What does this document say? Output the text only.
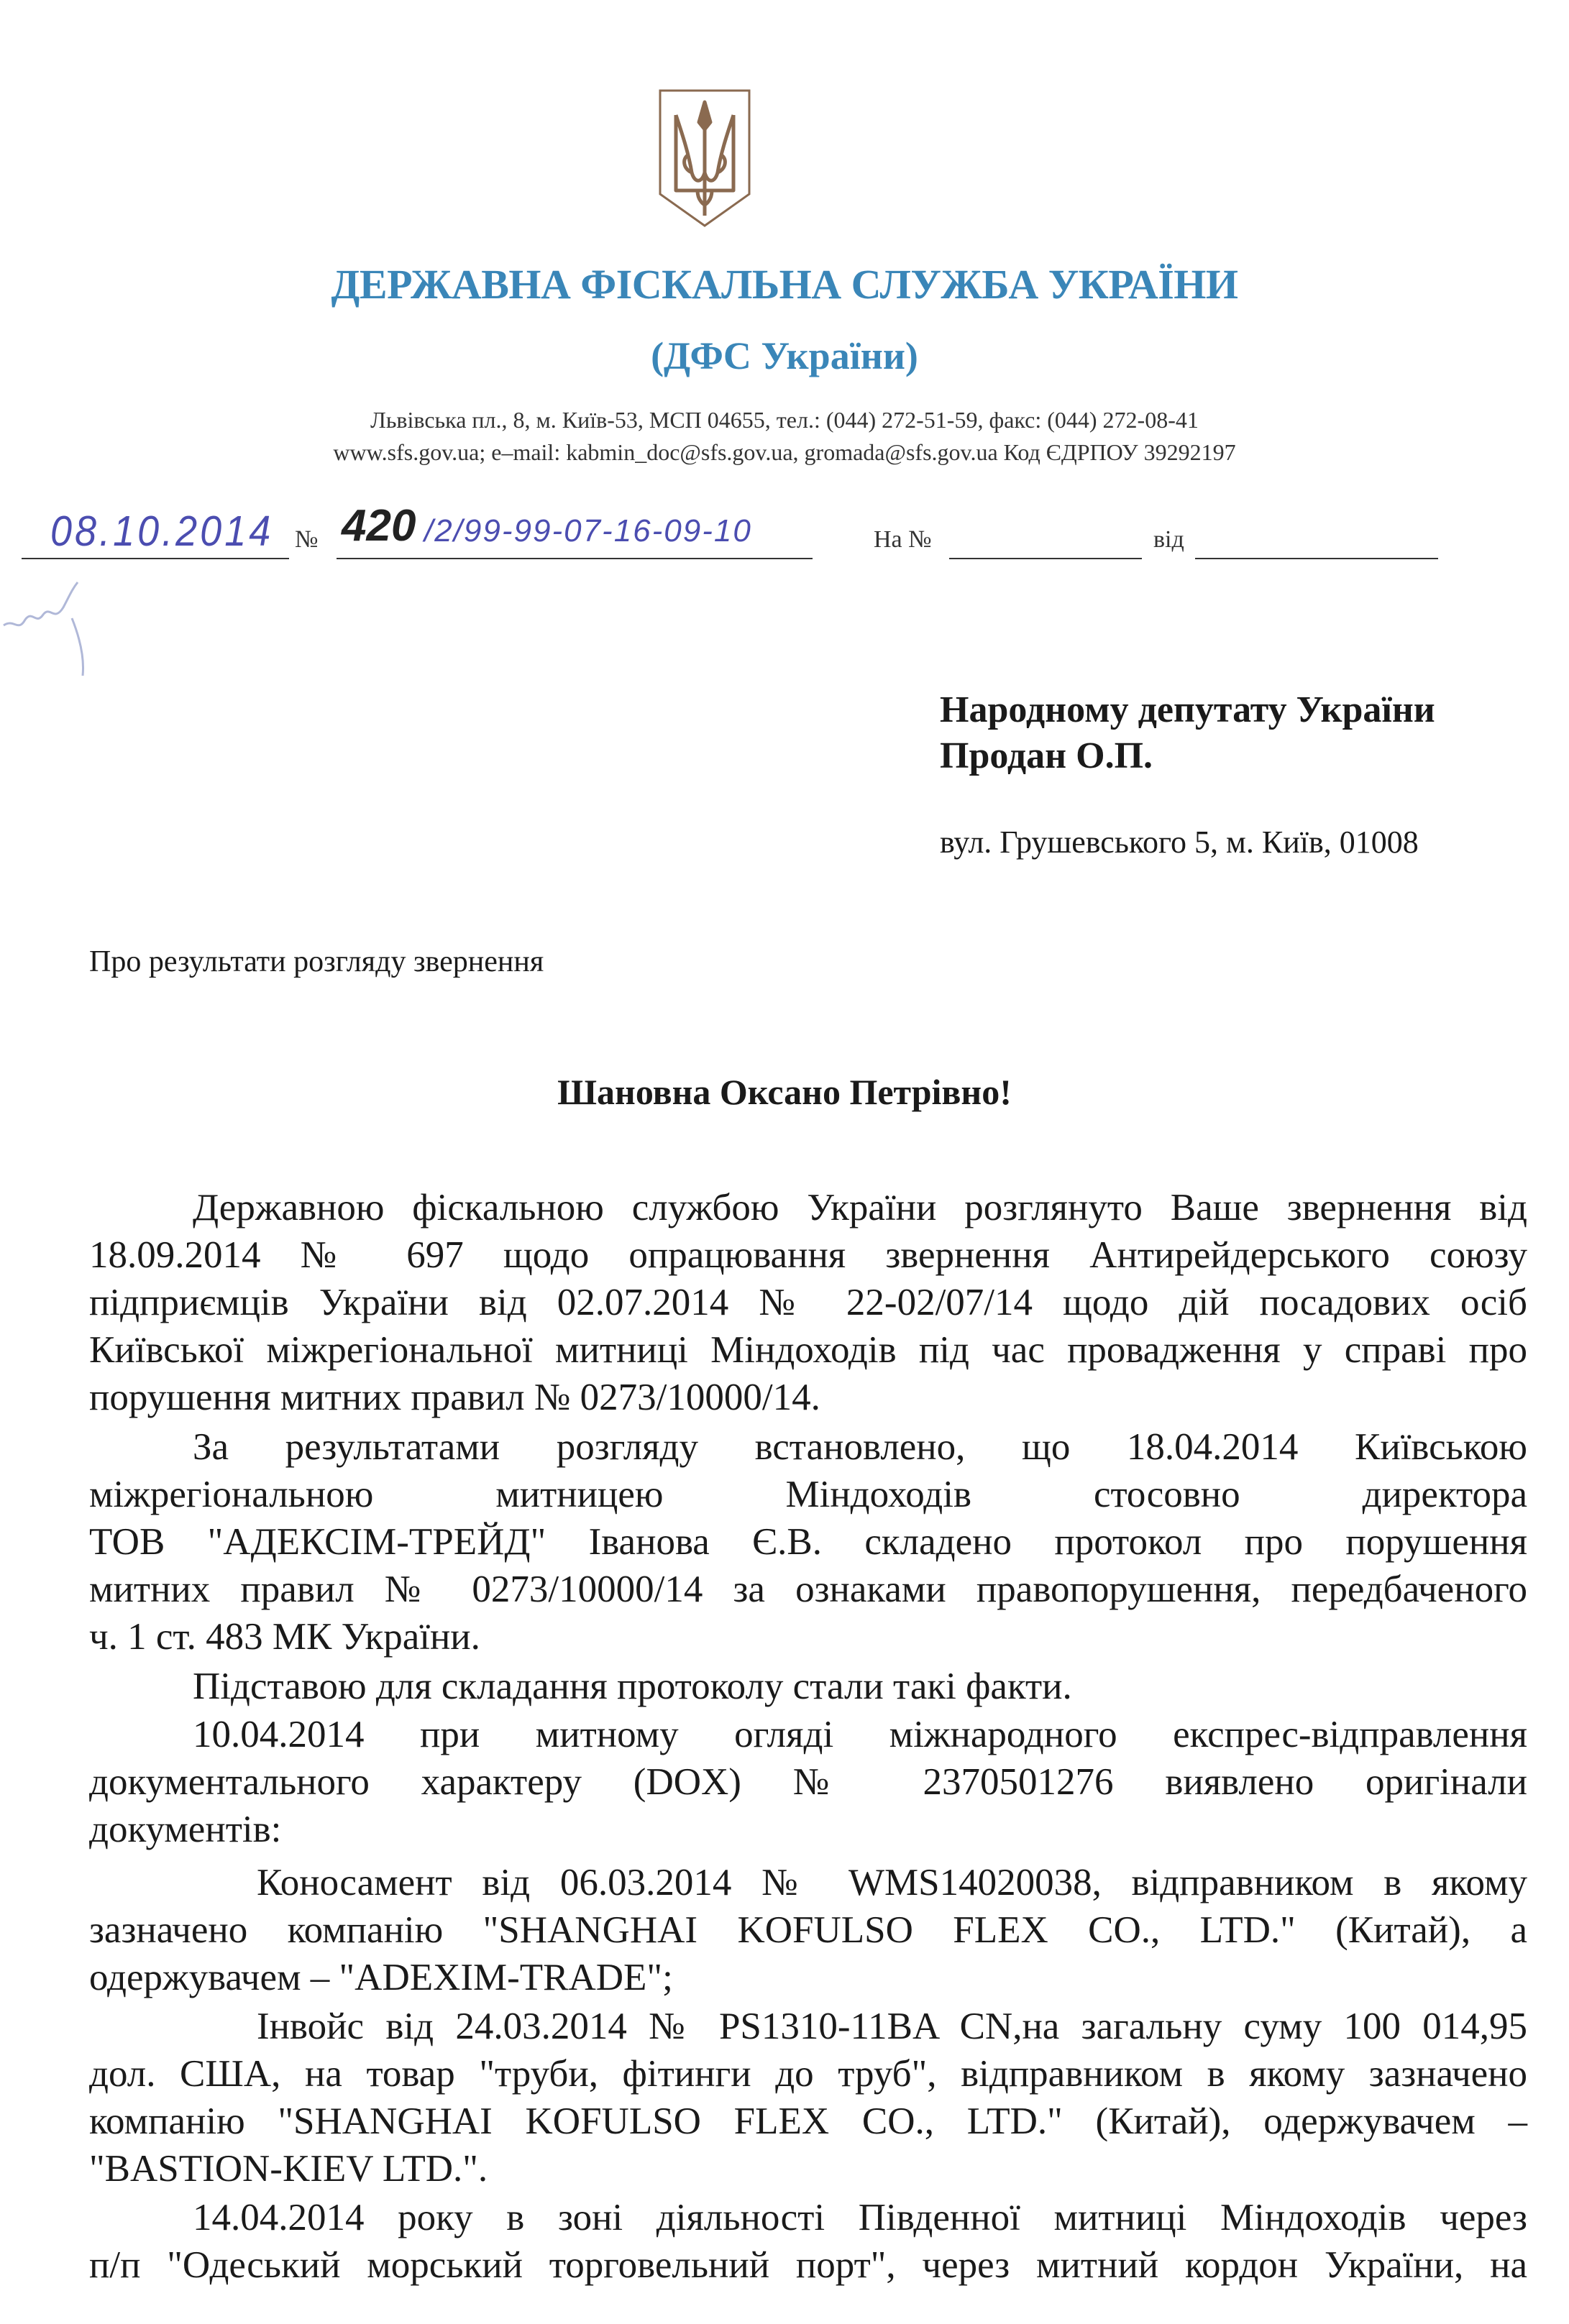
ДЕРЖАВНА ФІСКАЛЬНА СЛУЖБА УКРАЇНИ
(ДФС України)
Львівська пл., 8, м. Київ-53, МСП 04655, тел.: (044) 272-51-59, факс: (044) 272-08-41
www.sfs.gov.ua; e–mail: kabmin_doc@sfs.gov.ua, gromada@sfs.gov.ua Код ЄДРПОУ 39292197
08.10.2014 № 420 /2/99-99-07-16-09-10	На №	від
Народному депутату України
Продан О.П.
вул. Грушевського 5, м. Київ, 01008
Про результати розгляду звернення
Шановна Оксано Петрівно!
Державною фіскальною службою України розглянуто Ваше звернення від
18.09.2014 № 697 щодо опрацювання звернення Антирейдерського союзу
підприємців України від 02.07.2014 № 22-02/07/14 щодо дій посадових осіб
Київської міжрегіональної митниці Міндоходів під час провадження у справі про
порушення митних правил № 0273/10000/14.
За результатами розгляду встановлено, що 18.04.2014 Київською
міжрегіональною митницею Міндоходів стосовно директора
ТОВ "АДЕКСІМ-ТРЕЙД" Іванова Є.В. складено протокол про порушення
митних правил № 0273/10000/14 за ознаками правопорушення, передбаченого
ч. 1 ст. 483 МК України.
Підставою для складання протоколу стали такі факти.
10.04.2014 при митному огляді міжнародного експрес-відправлення
документального характеру (DOX) № 2370501276 виявлено оригінали
документів:
Коносамент від 06.03.2014 № WMS14020038, відправником в якому
зазначено компанію "SHANGHAI KOFULSO FLEX CO., LTD." (Китай), а
одержувачем – "ADEXIM-TRADE";
Інвойс від 24.03.2014 № PS1310-11BA CN,на загальну суму 100 014,95
дол. США, на товар "труби, фітинги до труб", відправником в якому зазначено
компанію "SHANGHAI KOFULSO FLEX CO., LTD." (Китай), одержувачем –
"BASTION-KIEV LTD.".
14.04.2014 року в зоні діяльності Південної митниці Міндоходів через
п/п "Одеський морський торговельний порт", через митний кордон України, на
